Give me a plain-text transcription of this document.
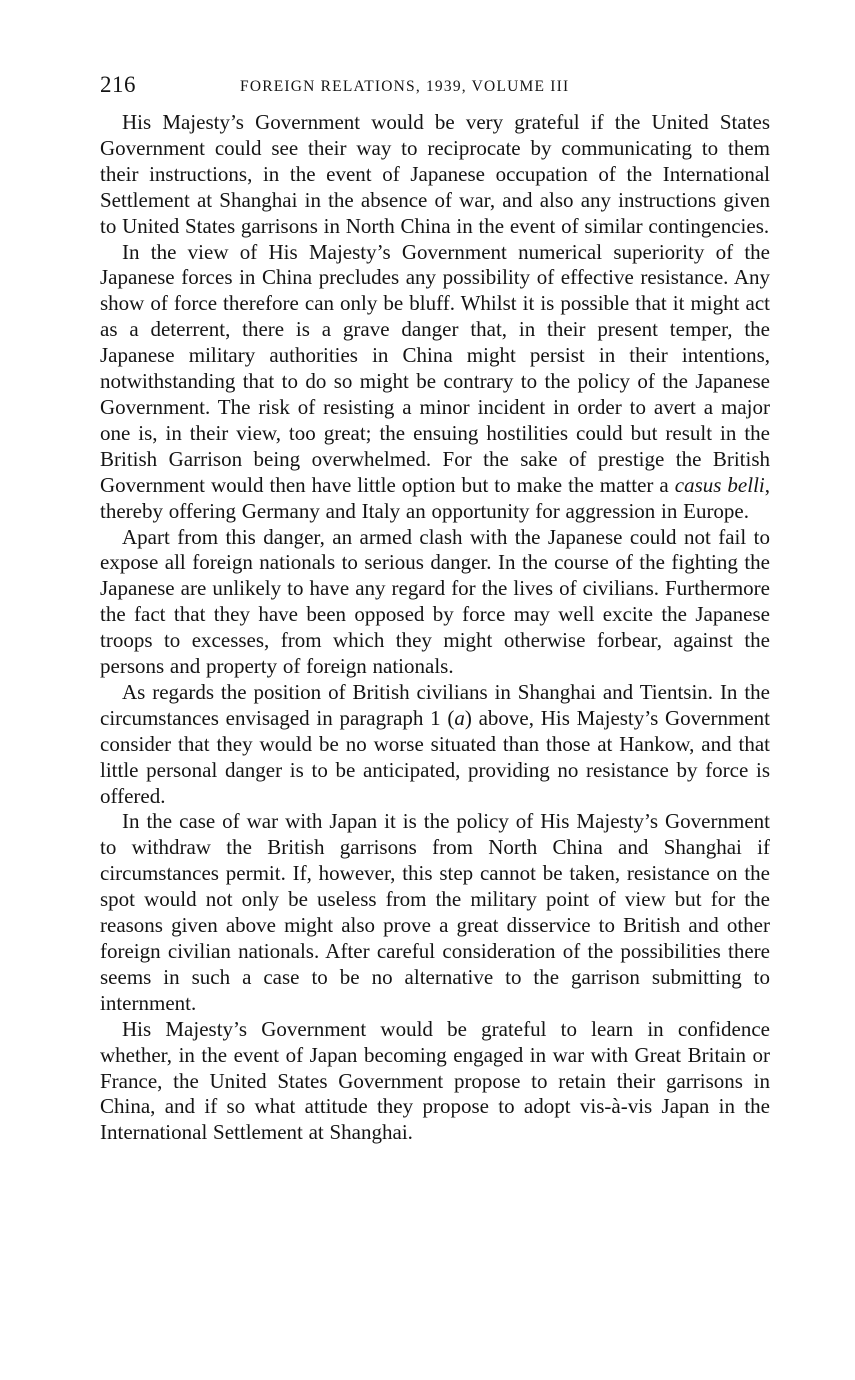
216	FOREIGN RELATIONS, 1939, VOLUME III

His Majesty’s Government would be very grateful if the United States Government could see their way to reciprocate by communicating to them their instructions, in the event of Japanese occupation of the International Settlement at Shanghai in the absence of war, and also any instructions given to United States garrisons in North China in the event of similar contingencies.

In the view of His Majesty’s Government numerical superiority of the Japanese forces in China precludes any possibility of effective resistance. Any show of force therefore can only be bluff. Whilst it is possible that it might act as a deterrent, there is a grave danger that, in their present temper, the Japanese military authorities in China might persist in their intentions, notwithstanding that to do so might be contrary to the policy of the Japanese Government. The risk of resisting a minor incident in order to avert a major one is, in their view, too great; the ensuing hostilities could but result in the British Garrison being overwhelmed. For the sake of prestige the British Government would then have little option but to make the matter a casus belli, thereby offering Germany and Italy an opportunity for aggression in Europe.

Apart from this danger, an armed clash with the Japanese could not fail to expose all foreign nationals to serious danger. In the course of the fighting the Japanese are unlikely to have any regard for the lives of civilians. Furthermore the fact that they have been opposed by force may well excite the Japanese troops to excesses, from which they might otherwise forbear, against the persons and property of foreign nationals.

As regards the position of British civilians in Shanghai and Tientsin. In the circumstances envisaged in paragraph 1 (a) above, His Majesty’s Government consider that they would be no worse situated than those at Hankow, and that little personal danger is to be anticipated, providing no resistance by force is offered.

In the case of war with Japan it is the policy of His Majesty’s Government to withdraw the British garrisons from North China and Shanghai if circumstances permit. If, however, this step cannot be taken, resistance on the spot would not only be useless from the military point of view but for the reasons given above might also prove a great disservice to British and other foreign civilian nationals. After careful consideration of the possibilities there seems in such a case to be no alternative to the garrison submitting to internment.

His Majesty’s Government would be grateful to learn in confidence whether, in the event of Japan becoming engaged in war with Great Britain or France, the United States Government propose to retain their garrisons in China, and if so what attitude they propose to adopt vis-à-vis Japan in the International Settlement at Shanghai.
